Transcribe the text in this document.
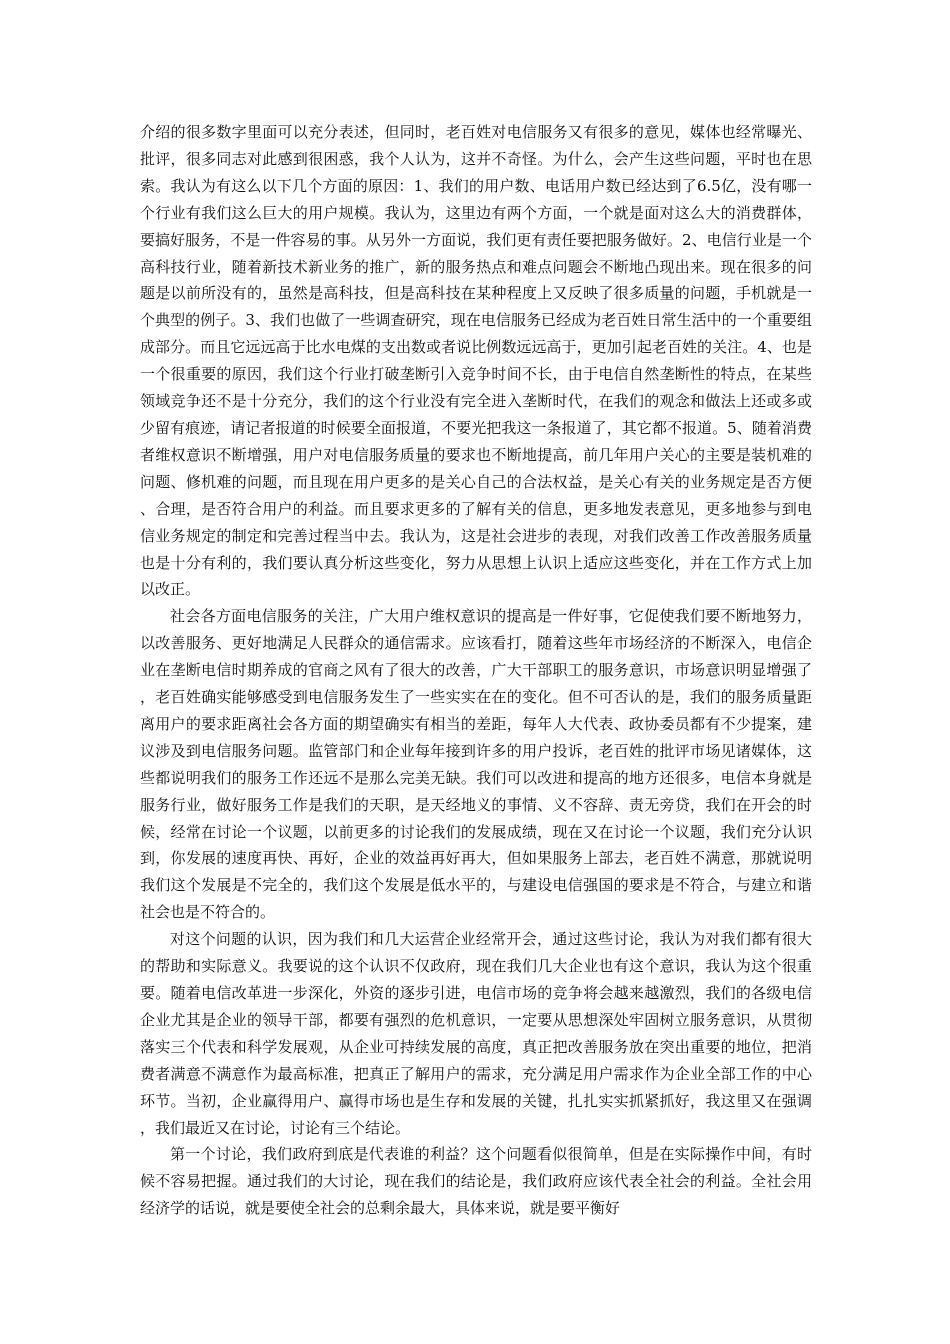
介绍的很多数字里面可以充分表述，但同时，老百姓对电信服务又有很多的意见，媒体也经常曝光、批评，很多同志对此感到很困惑，我个人认为，这并不奇怪。为什么，会产生这些问题，平时也在思索。我认为有这么以下几个方面的原因：1、我们的用户数、电话用户数已经达到了6.5亿，没有哪一个行业有我们这么巨大的用户规模。我认为，这里边有两个方面，一个就是面对这么大的消费群体，要搞好服务，不是一件容易的事。从另外一方面说，我们更有责任要把服务做好。2、电信行业是一个高科技行业，随着新技术新业务的推广，新的服务热点和难点问题会不断地凸现出来。现在很多的问题是以前所没有的，虽然是高科技，但是高科技在某种程度上又反映了很多质量的问题，手机就是一个典型的例子。3、我们也做了一些调查研究，现在电信服务已经成为老百姓日常生活中的一个重要组成部分。而且它远远高于比水电煤的支出数或者说比例数远远高于，更加引起老百姓的关注。4、也是一个很重要的原因，我们这个行业打破垄断引入竞争时间不长，由于电信自然垄断性的特点，在某些领域竞争还不是十分充分，我们的这个行业没有完全进入垄断时代，在我们的观念和做法上还或多或少留有痕迹，请记者报道的时候要全面报道，不要光把我这一条报道了，其它都不报道。5、随着消费者维权意识不断增强，用户对电信服务质量的要求也不断地提高，前几年用户关心的主要是装机难的问题、修机难的问题，而且现在用户更多的是关心自己的合法权益，是关心有关的业务规定是否方便、合理，是否符合用户的利益。而且要求更多的了解有关的信息，更多地发表意见，更多地参与到电信业务规定的制定和完善过程当中去。我认为，这是社会进步的表现，对我们改善工作改善服务质量也是十分有利的，我们要认真分析这些变化，努力从思想上认识上适应这些变化，并在工作方式上加以改正。

社会各方面电信服务的关注，广大用户维权意识的提高是一件好事，它促使我们要不断地努力，以改善服务、更好地满足人民群众的通信需求。应该看打，随着这些年市场经济的不断深入，电信企业在垄断电信时期养成的官商之风有了很大的改善，广大干部职工的服务意识，市场意识明显增强了，老百姓确实能够感受到电信服务发生了一些实实在在的变化。但不可否认的是，我们的服务质量距离用户的要求距离社会各方面的期望确实有相当的差距，每年人大代表、政协委员都有不少提案，建议涉及到电信服务问题。监管部门和企业每年接到许多的用户投诉，老百姓的批评市场见诸媒体，这些都说明我们的服务工作还远不是那么完美无缺。我们可以改进和提高的地方还很多，电信本身就是服务行业，做好服务工作是我们的天职，是天经地义的事情、义不容辞、责无旁贷，我们在开会的时候，经常在讨论一个议题，以前更多的讨论我们的发展成绩，现在又在讨论一个议题，我们充分认识到，你发展的速度再快、再好，企业的效益再好再大，但如果服务上部去，老百姓不满意，那就说明我们这个发展是不完全的，我们这个发展是低水平的，与建设电信强国的要求是不符合，与建立和谐社会也是不符合的。

对这个问题的认识，因为我们和几大运营企业经常开会，通过这些讨论，我认为对我们都有很大的帮助和实际意义。我要说的这个认识不仅政府，现在我们几大企业也有这个意识，我认为这个很重要。随着电信改革进一步深化，外资的逐步引进，电信市场的竞争将会越来越激烈，我们的各级电信企业尤其是企业的领导干部，都要有强烈的危机意识，一定要从思想深处牢固树立服务意识，从贯彻落实三个代表和科学发展观，从企业可持续发展的高度，真正把改善服务放在突出重要的地位，把消费者满意不满意作为最高标准，把真正了解用户的需求，充分满足用户需求作为企业全部工作的中心环节。当初，企业赢得用户、赢得市场也是生存和发展的关键，扎扎实实抓紧抓好，我这里又在强调，我们最近又在讨论，讨论有三个结论。

第一个讨论，我们政府到底是代表谁的利益？这个问题看似很简单，但是在实际操作中间，有时候不容易把握。通过我们的大讨论，现在我们的结论是，我们政府应该代表全社会的利益。全社会用经济学的话说，就是要使全社会的总剩余最大，具体来说，就是要平衡好
